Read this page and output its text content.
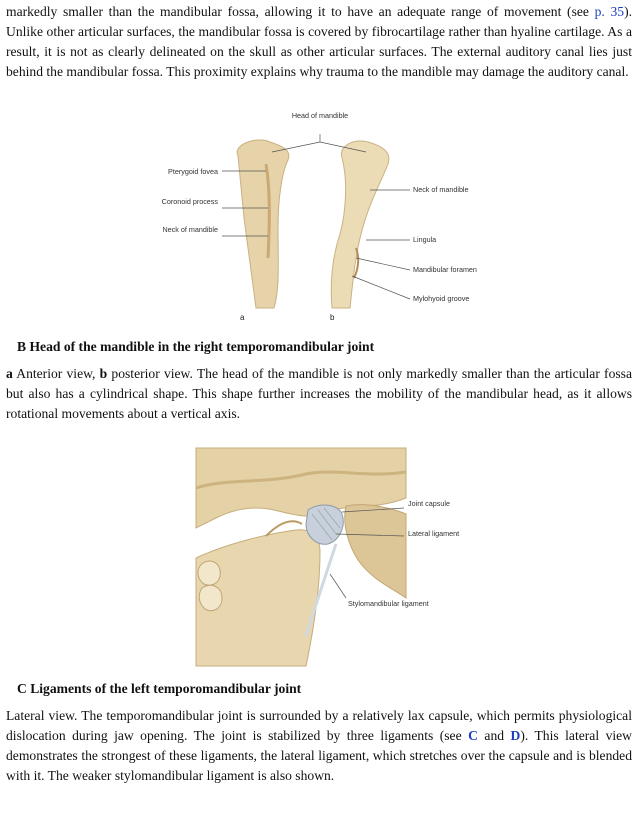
markedly smaller than the mandibular fossa, allowing it to have an adequate range of movement (see p. 35). Unlike other articular surfaces, the mandibular fossa is covered by fibrocartilage rather than hyaline cartilage. As a result, it is not as clearly delineated on the skull as other articular surfaces. The external auditory canal lies just behind the mandibular fossa. This proximity explains why trauma to the mandible may damage the auditory canal.

Head of mandible
Pterygoid fovea
Coronoid process
Neck of mandible
Neck of mandible
Lingula
Mandibular foramen
Mylohyoid groove
a	b

B Head of the mandible in the right temporomandibular joint

a Anterior view, b posterior view. The head of the mandible is not only markedly smaller than the articular fossa but also has a cylindrical shape. This shape further increases the mobility of the mandibular head, as it allows rotational movements about a vertical axis.

Joint capsule
Lateral ligament
Stylomandibular ligament

C Ligaments of the left temporomandibular joint

Lateral view. The temporomandibular joint is surrounded by a relatively lax capsule, which permits physiological dislocation during jaw opening. The joint is stabilized by three ligaments (see C and D). This lateral view demonstrates the strongest of these ligaments, the lateral ligament, which stretches over the capsule and is blended with it. The weaker stylomandibular ligament is also shown.
